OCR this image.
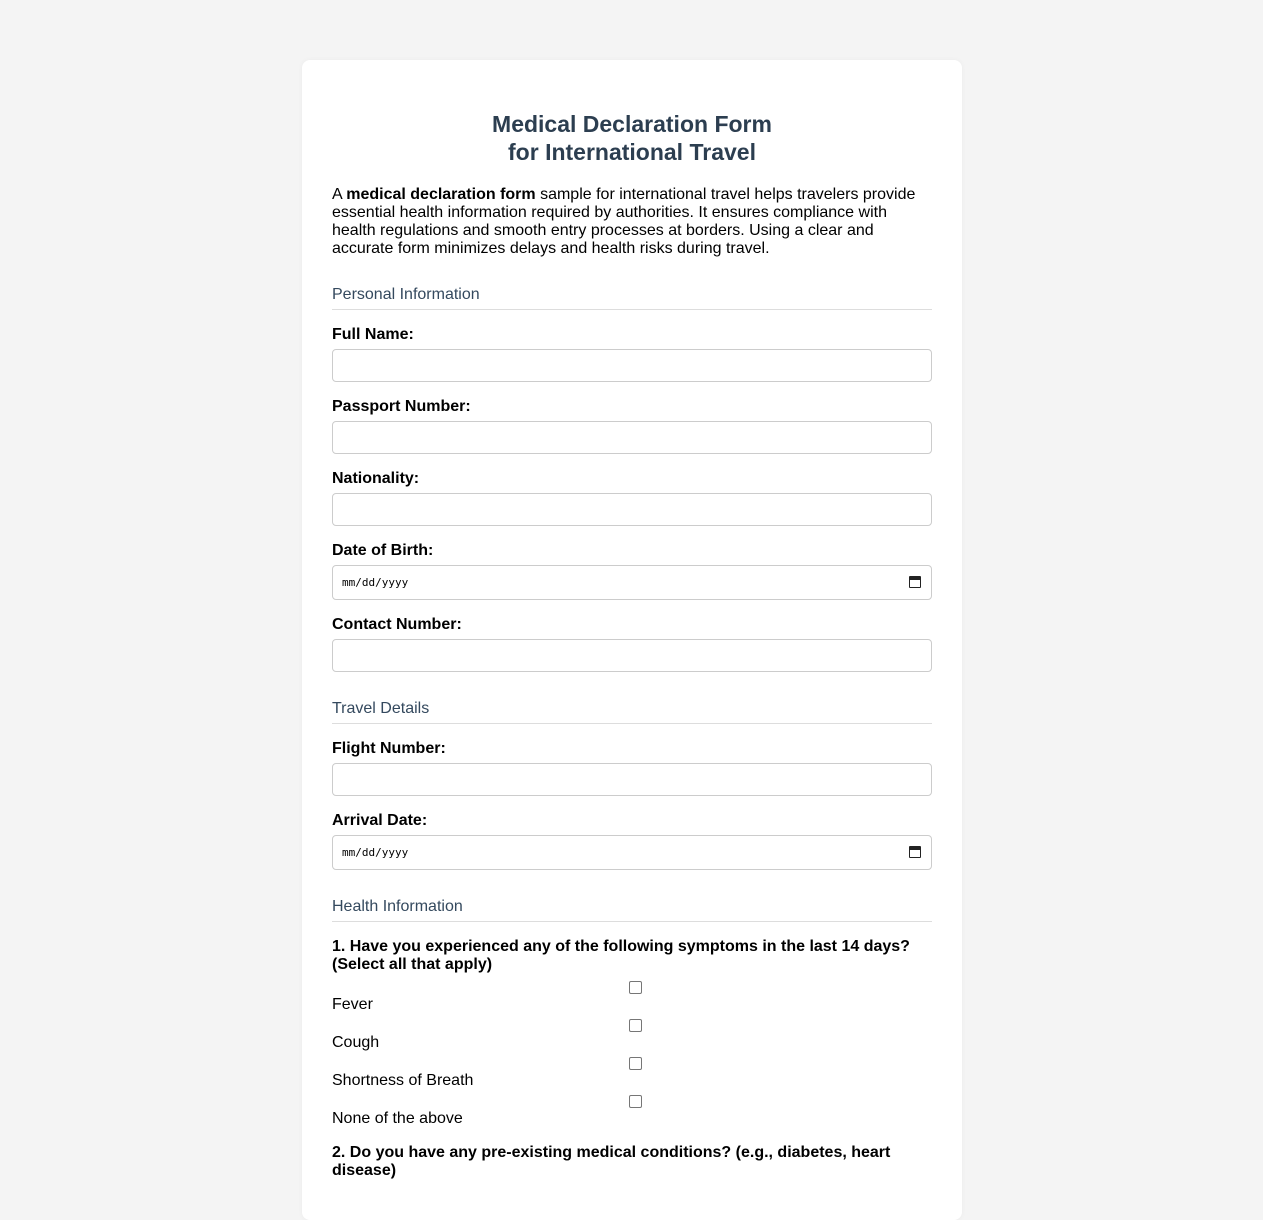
Medical Declaration Form
for International Travel

A medical declaration form sample for international travel helps travelers provide essential health information required by authorities. It ensures compliance with health regulations and smooth entry processes at borders. Using a clear and accurate form minimizes delays and health risks during travel.

Personal Information
Full Name:
Passport Number:
Nationality:
Date of Birth:
mm/dd/yyyy
Contact Number:
Travel Details
Flight Number:
Arrival Date:
mm/dd/yyyy
Health Information
1. Have you experienced any of the following symptoms in the last 14 days? (Select all that apply)
Fever
Cough
Shortness of Breath
None of the above
2. Do you have any pre-existing medical conditions? (e.g., diabetes, heart disease)
